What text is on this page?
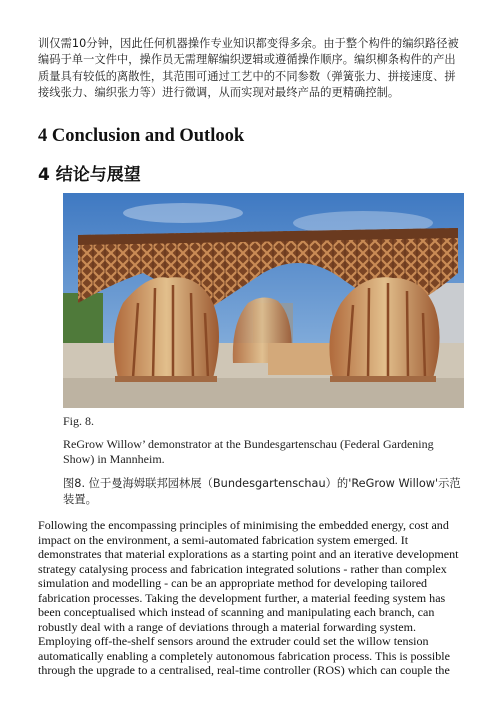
训仅需10分钟，因此任何机器操作专业知识都变得多余。由于整个构件的编织路径被编码于单一文件中，操作员无需理解编织逻辑或遵循操作顺序。编织柳条构件的产出质量具有较低的离散性，其范围可通过工艺中的不同参数（弹簧张力、拼接速度、拼接线张力、编织张力等）进行微调，从而实现对最终产品的更精确控制。

4 Conclusion and Outlook
4 结论与展望

Fig. 8.

ReGrow Willow’ demonstrator at the Bundesgartenschau (Federal Gardening Show) in Mannheim.

图8. 位于曼海姆联邦园林展（Bundesgartenschau）的'ReGrow Willow'示范装置。

Following the encompassing principles of minimising the embedded energy, cost and impact on the environment, a semi-automated fabrication system emerged. It demonstrates that material explorations as a starting point and an iterative development strategy catalysing process and fabrication integrated solutions - rather than complex simulation and modelling - can be an appropriate method for developing tailored fabrication processes. Taking the development further, a material feeding system has been conceptualised which instead of scanning and manipulating each branch, can robustly deal with a range of deviations through a material forwarding system. Employing off-the-shelf sensors around the extruder could set the willow tension automatically enabling a completely autonomous fabrication process. This is possible through the upgrade to a centralised, real-time controller (ROS) which can couple the
